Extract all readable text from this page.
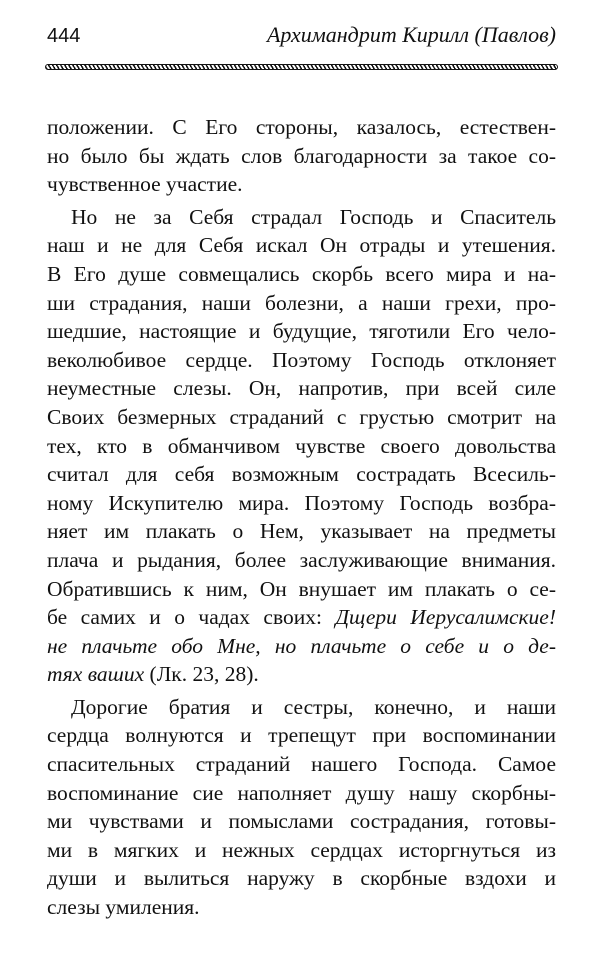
444	Архимандрит Кирилл (Павлов)
положении. С Его стороны, казалось, естествен-
но было бы ждать слов благодарности за такое со-
чувственное участие.
Но не за Себя страдал Господь и Спаситель
наш и не для Себя искал Он отрады и утешения.
В Его душе совмещались скорбь всего мира и на-
ши страдания, наши болезни, а наши грехи, про-
шедшие, настоящие и будущие, тяготили Его чело-
веколюбивое сердце. Поэтому Господь отклоняет
неуместные слезы. Он, напротив, при всей силе
Своих безмерных страданий с грустью смотрит на
тех, кто в обманчивом чувстве своего довольства
считал для себя возможным сострадать Всесиль-
ному Искупителю мира. Поэтому Господь возбра-
няет им плакать о Нем, указывает на предметы
плача и рыдания, более заслуживающие внимания.
Обратившись к ним, Он внушает им плакать о се-
бе самих и о чадах своих: Дщери Иерусалимские!
не плачьте обо Мне, но плачьте о себе и о де-
тях ваших (Лк. 23, 28).
Дорогие братия и сестры, конечно, и наши
сердца волнуются и трепещут при воспоминании
спасительных страданий нашего Господа. Самое
воспоминание сие наполняет душу нашу скорбны-
ми чувствами и помыслами сострадания, готовы-
ми в мягких и нежных сердцах исторгнуться из
души и вылиться наружу в скорбные вздохи и
слезы умиления.
